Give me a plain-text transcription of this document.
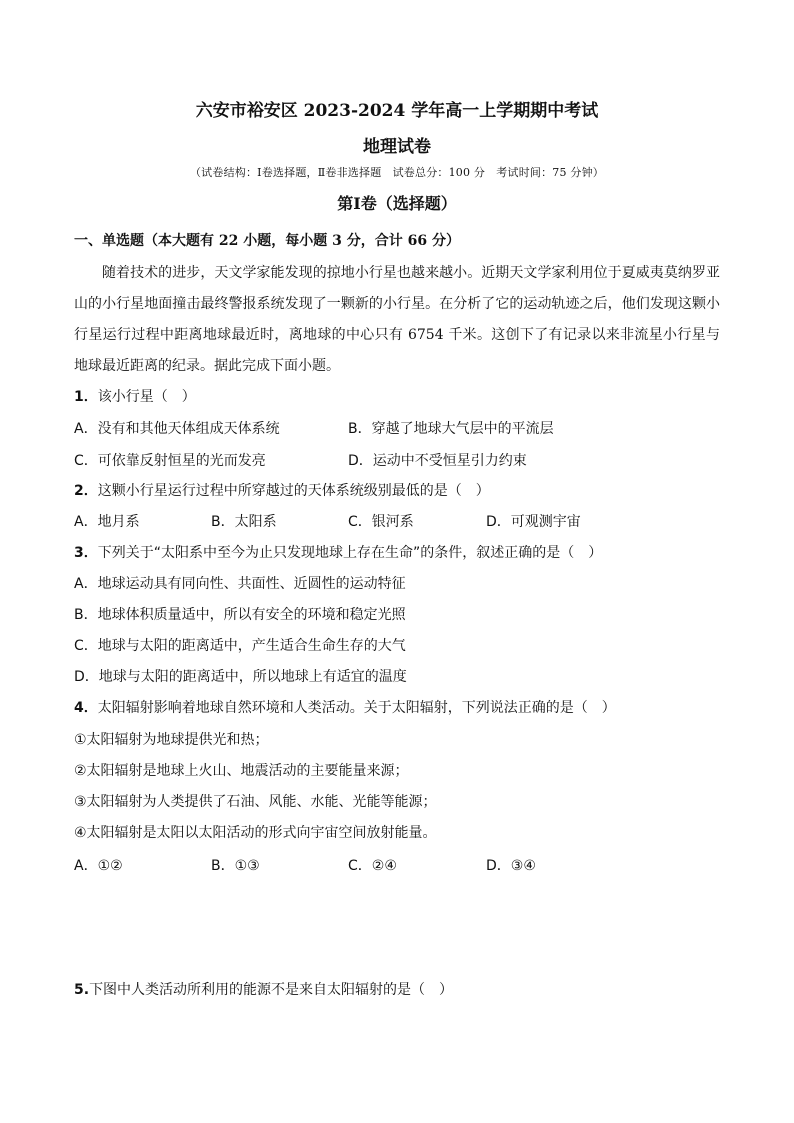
六安市裕安区 2023-2024 学年高一上学期期中考试
地理试卷
（试卷结构：Ⅰ卷选择题，Ⅱ卷非选择题　试卷总分：100 分　考试时间：75 分钟）
第Ⅰ卷（选择题）
一、单选题（本大题有 22 小题，每小题 3 分，合计 66 分）
随着技术的进步，天文学家能发现的掠地小行星也越来越小。近期天文学家利用位于夏威夷莫纳罗亚山的小行星地面撞击最终警报系统发现了一颗新的小行星。在分析了它的运动轨迹之后，他们发现这颗小行星运行过程中距离地球最近时，离地球的中心只有 6754 千米。这创下了有记录以来非流星小行星与地球最近距离的纪录。据此完成下面小题。
1．该小行星（　）
A．没有和其他天体组成天体系统	B．穿越了地球大气层中的平流层
C．可依靠反射恒星的光而发亮	D．运动中不受恒星引力约束
2．这颗小行星运行过程中所穿越过的天体系统级别最低的是（　）
A．地月系	B．太阳系	C．银河系	D．可观测宇宙
3．下列关于“太阳系中至今为止只发现地球上存在生命”的条件，叙述正确的是（　）
A．地球运动具有同向性、共面性、近圆性的运动特征
B．地球体积质量适中，所以有安全的环境和稳定光照
C．地球与太阳的距离适中，产生适合生命生存的大气
D．地球与太阳的距离适中，所以地球上有适宜的温度
4．太阳辐射影响着地球自然环境和人类活动。关于太阳辐射，下列说法正确的是（　）
①太阳辐射为地球提供光和热；
②太阳辐射是地球上火山、地震活动的主要能量来源；
③太阳辐射为人类提供了石油、风能、水能、光能等能源；
④太阳辐射是太阳以太阳活动的形式向宇宙空间放射能量。
A．①②	B．①③	C．②④	D．③④
5.下图中人类活动所利用的能源不是来自太阳辐射的是（　）
